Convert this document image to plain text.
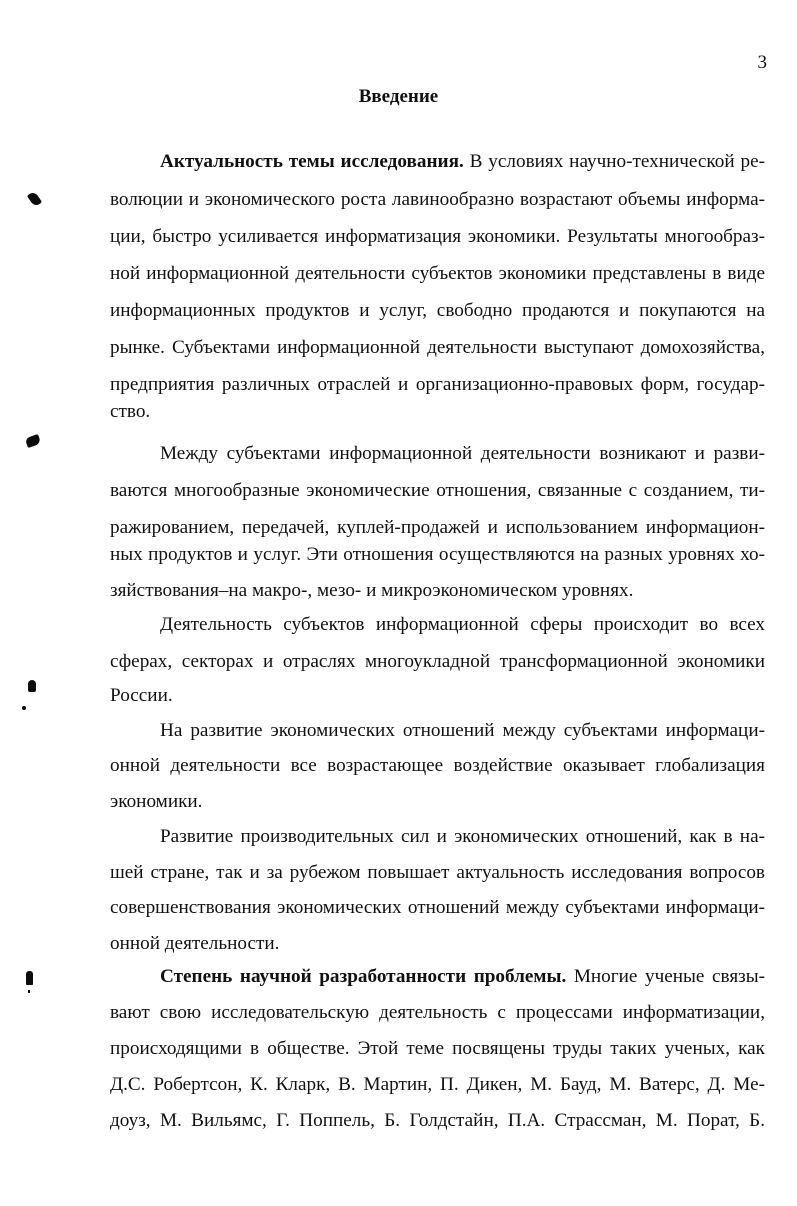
3
Введение
Актуальность темы исследования. В условиях научно-технической ре-
волюции и экономического роста лавинообразно возрастают объемы информа-
ции, быстро усиливается информатизация экономики. Результаты многообраз-
ной информационной деятельности субъектов экономики представлены в виде
информационных продуктов и услуг, свободно продаются и покупаются на
рынке. Субъектами информационной деятельности выступают домохозяйства,
предприятия различных отраслей и организационно-правовых форм, государ-
ство.
Между субъектами информационной деятельности возникают и разви-
ваются многообразные экономические отношения, связанные с созданием, ти-
ражированием, передачей, куплей-продажей и использованием информацион-
ных продуктов и услуг. Эти отношения осуществляются на разных уровнях хо-
зяйствования–на макро-, мезо- и микроэкономическом уровнях.
Деятельность субъектов информационной сферы происходит во всех
сферах, секторах и отраслях многоукладной трансформационной экономики
России.
На развитие экономических отношений между субъектами информаци-
онной деятельности все возрастающее воздействие оказывает глобализация
экономики.
Развитие производительных сил и экономических отношений, как в на-
шей стране, так и за рубежом повышает актуальность исследования вопросов
совершенствования экономических отношений между субъектами информаци-
онной деятельности.
Степень научной разработанности проблемы. Многие ученые связы-
вают свою исследовательскую деятельность с процессами информатизации,
происходящими в обществе. Этой теме посвящены труды таких ученых, как
Д.С. Робертсон, К. Кларк, В. Мартин, П. Дикен, М. Бауд, М. Ватерс, Д. Ме-
доуз, М. Вильямс, Г. Поппель, Б. Голдстайн, П.А. Страссман, М. Порат, Б.
